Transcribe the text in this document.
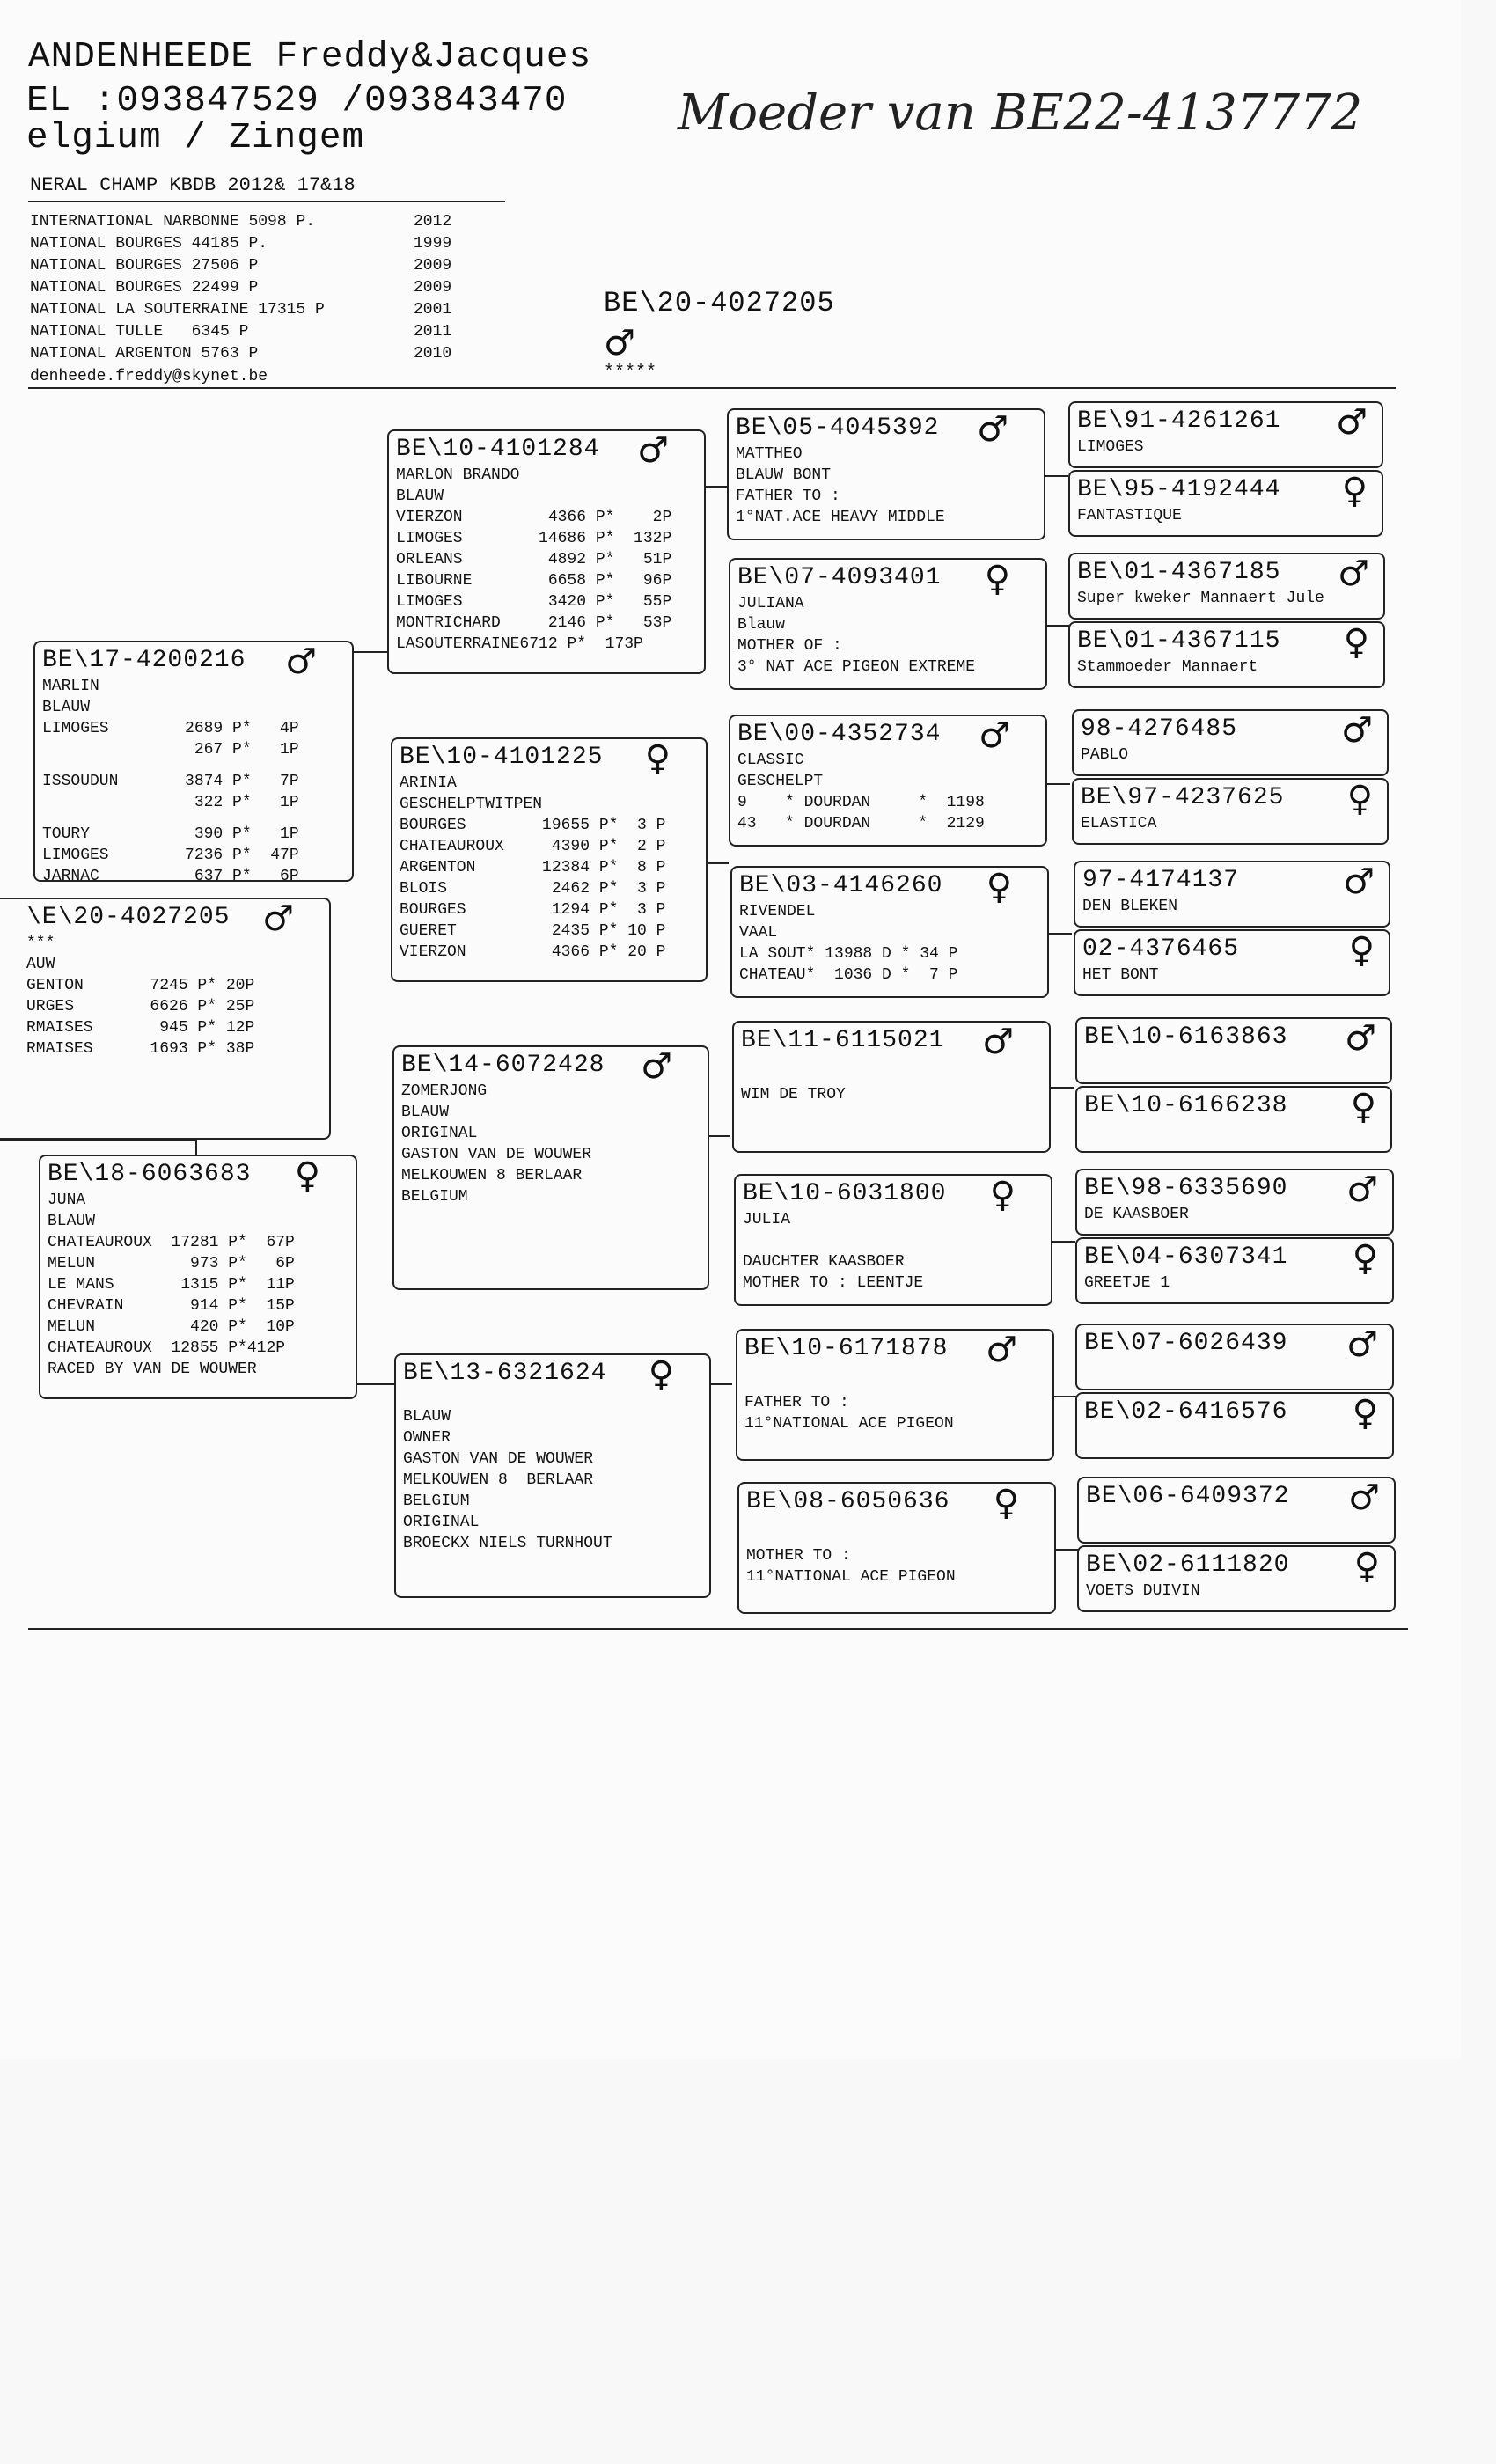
ANDENHEEDE Freddy&Jacques
EL :093847529 /093843470
elgium / Zingem	Moeder van BE22-4137772
NERAL CHAMP KBDB 2012& 17&18
INTERNATIONAL NARBONNE 5098 P.	2012
NATIONAL BOURGES 44185 P.	1999
NATIONAL BOURGES 27506 P	2009
NATIONAL BOURGES 22499 P	2009
NATIONAL LA SOUTERRAINE 17315 P	2001
NATIONAL TULLE   6345 P	2011
NATIONAL ARGENTON 5763 P	2010
denheede.freddy@skynet.be
BE\20-4027205
♂
*****
\E\20-4027205 ♂
***
AUW
GENTON       7245 P* 20P
URGES        6626 P* 25P
RMAISES       945 P* 12P
RMAISES      1693 P* 38P
BE\17-4200216	♂
MARLIN
BLAUW
LIMOGES        2689 P*   4P
267 P*   1P
ISSOUDUN       3874 P*   7P
322 P*   1P
TOURY           390 P*   1P
LIMOGES        7236 P*  47P
JARNAC          637 P*   6P
BE\18-6063683	♀
JUNA
BLAUW
CHATEAUROUX  17281 P*  67P
MELUN          973 P*   6P
LE MANS       1315 P*  11P
CHEVRAIN       914 P*  15P
MELUN          420 P*  10P
CHATEAUROUX  12855 P*412P
RACED BY VAN DE WOUWER
BE\10-4101284	♂
MARLON BRANDO
BLAUW
VIERZON         4366 P*    2P
LIMOGES        14686 P*  132P
ORLEANS         4892 P*   51P
LIBOURNE        6658 P*   96P
LIMOGES         3420 P*   55P
MONTRICHARD     2146 P*   53P
LASOUTERRAINE6712 P*  173P
BE\10-4101225	♀
ARINIA
GESCHELPTWITPEN
BOURGES        19655 P*  3 P
CHATEAUROUX     4390 P*  2 P
ARGENTON       12384 P*  8 P
BLOIS           2462 P*  3 P
BOURGES         1294 P*  3 P
GUERET          2435 P* 10 P
VIERZON         4366 P* 20 P
BE\14-6072428	♂
ZOMERJONG
BLAUW
ORIGINAL
GASTON VAN DE WOUWER
MELKOUWEN 8 BERLAAR
BELGIUM
BE\13-6321624	♀
BLAUW
OWNER
GASTON VAN DE WOUWER
MELKOUWEN 8  BERLAAR
BELGIUM
ORIGINAL
BROECKX NIELS TURNHOUT
BE\05-4045392	♂
MATTHEO
BLAUW BONT
FATHER TO :
1°NAT.ACE HEAVY MIDDLE
BE\07-4093401	♀
JULIANA
Blauw
MOTHER OF :
3° NAT ACE PIGEON EXTREME
BE\00-4352734	♂
CLASSIC
GESCHELPT
9    * DOURDAN     *  1198
43   * DOURDAN     *  2129
BE\03-4146260	♀
RIVENDEL
VAAL
LA SOUT* 13988 D * 34 P
CHATEAU*  1036 D *  7 P
BE\11-6115021	♂
WIM DE TROY
BE\10-6031800	♀
JULIA
DAUCHTER KAASBOER
MOTHER TO : LEENTJE
BE\10-6171878	♂
FATHER TO :
11°NATIONAL ACE PIGEON
BE\08-6050636	♀
MOTHER TO :
11°NATIONAL ACE PIGEON
BE\91-4261261	♂
LIMOGES
BE\95-4192444	♀
FANTASTIQUE
BE\01-4367185	♂
Super kweker Mannaert Jule
BE\01-4367115	♀
Stammoeder Mannaert
98-4276485	♂
PABLO
BE\97-4237625	♀
ELASTICA
97-4174137	♂
DEN BLEKEN
02-4376465	♀
HET BONT
BE\10-6163863	♂
BE\10-6166238	♀
BE\98-6335690	♂
DE KAASBOER
BE\04-6307341	♀
GREETJE 1
BE\07-6026439	♂
BE\02-6416576	♀
BE\06-6409372	♂
BE\02-6111820	♀
VOETS DUIVIN
